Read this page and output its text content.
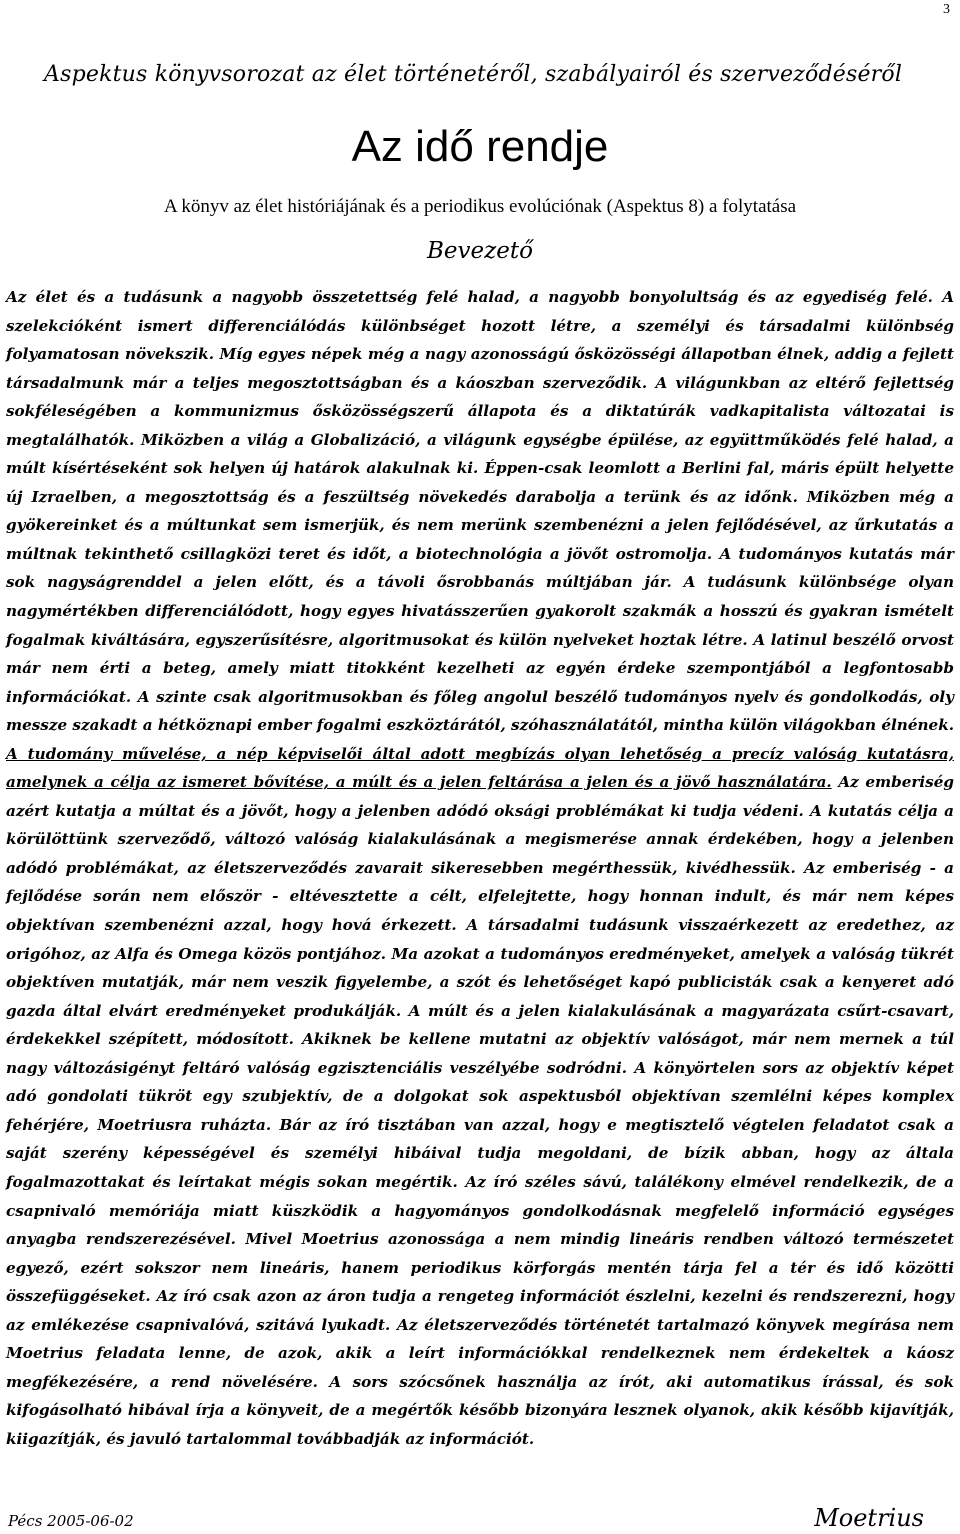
3
Aspektus könyvsorozat az élet történetéről, szabályairól és szerveződéséről
Az idő rendje
A könyv az élet históriájának és a periodikus evolúciónak (Aspektus 8) a folytatása
Bevezető
Az élet és a tudásunk a nagyobb összetettség felé halad, a nagyobb bonyolultság és az egyediség felé. A szelekcióként ismert differenciálódás különbséget hozott létre, a személyi és társadalmi különbség folyamatosan növekszik. Míg egyes népek még a nagy azonosságú ősközösségi állapotban élnek, addig a fejlett társadalmunk már a teljes megosztottságban és a káoszban szerveződik. A világunkban az eltérő fejlettség sokféleségében a kommunizmus ősközösségszerű állapota és a diktatúrák vadkapitalista változatai is megtalálhatók. Miközben a világ a Globalizáció, a világunk egységbe épülése, az együttműködés felé halad, a múlt kísértéseként sok helyen új határok alakulnak ki. Éppen-csak leomlott a Berlini fal, máris épült helyette új Izraelben, a megosztottság és a feszültség növekedés darabolja a terünk és az időnk. Miközben még a gyökereinket és a múltunkat sem ismerjük, és nem merünk szembenézni a jelen fejlődésével, az űrkutatás a múltnak tekinthető csillagközi teret és időt, a biotechnológia a jövőt ostromolja. A tudományos kutatás már sok nagyságrenddel a jelen előtt, és a távoli ősrobbanás múltjában jár. A tudásunk különbsége olyan nagymértékben differenciálódott, hogy egyes hivatásszerűen gyakorolt szakmák a hosszú és gyakran ismételt fogalmak kiváltására, egyszerűsítésre, algoritmusokat és külön nyelveket hoztak létre. A latinul beszélő orvost már nem érti a beteg, amely miatt titokként kezelheti az egyén érdeke szempontjából a legfontosabb információkat. A szinte csak algoritmusokban és főleg angolul beszélő tudományos nyelv és gondolkodás, oly messze szakadt a hétköznapi ember fogalmi eszköztárától, szóhasználatától, mintha külön világokban élnének. A tudomány művelése, a nép képviselői által adott megbízás olyan lehetőség a precíz valóság kutatásra, amelynek a célja az ismeret bővítése, a múlt és a jelen feltárása a jelen és a jövő használatára. Az emberiség azért kutatja a múltat és a jövőt, hogy a jelenben adódó oksági problémákat ki tudja védeni. A kutatás célja a körülöttünk szerveződő, változó valóság kialakulásának a megismerése annak érdekében, hogy a jelenben adódó problémákat, az életszerveződés zavarait sikeresebben megérthessük, kivédhessük. Az emberiség - a fejlődése során nem először - eltévesztette a célt, elfelejtette, hogy honnan indult, és már nem képes objektívan szembenézni azzal, hogy hová érkezett. A társadalmi tudásunk visszaérkezett az eredethez, az origóhoz, az Alfa és Omega közös pontjához. Ma azokat a tudományos eredményeket, amelyek a valóság tükrét objektíven mutatják, már nem veszik figyelembe, a szót és lehetőséget kapó publicisták csak a kenyeret adó gazda által elvárt eredményeket produkálják. A múlt és a jelen kialakulásának a magyarázata csűrt-csavart, érdekekkel szépített, módosított. Akiknek be kellene mutatni az objektív valóságot, már nem mernek a túl nagy változásigényt feltáró valóság egzisztenciális veszélyébe sodródni. A könyörtelen sors az objektív képet adó gondolati tükröt egy szubjektív, de a dolgokat sok aspektusból objektívan szemlélni képes komplex fehérjére, Moetriusra ruházta. Bár az író tisztában van azzal, hogy e megtisztelő végtelen feladatot csak a saját szerény képességével és személyi hibáival tudja megoldani, de bízik abban, hogy az általa fogalmazottakat és leírtakat mégis sokan megértik. Az író széles sávú, találékony elmével rendelkezik, de a csapnivaló memóriája miatt küszködik a hagyományos gondolkodásnak megfelelő információ egységes anyagba rendszerezésével. Mivel Moetrius azonossága a nem mindig lineáris rendben változó természetet egyező, ezért sokszor nem lineáris, hanem periodikus körforgás mentén tárja fel a tér és idő közötti összefüggéseket. Az író csak azon az áron tudja a rengeteg információt észlelni, kezelni és rendszerezni, hogy az emlékezése csapnivalóvá, szitává lyukadt. Az életszerveződés történetét tartalmazó könyvek megírása nem Moetrius feladata lenne, de azok, akik a leírt információkkal rendelkeznek nem érdekeltek a káosz megfékezésére, a rend növelésére. A sors szócsőnek használja az írót, aki automatikus írással, és sok kifogásolható hibával írja a könyveit, de a megértők később bizonyára lesznek olyanok, akik később kijavítják, kiigazítják, és javuló tartalommal továbbadják az információt.
Pécs 2005-06-02	Moetrius
